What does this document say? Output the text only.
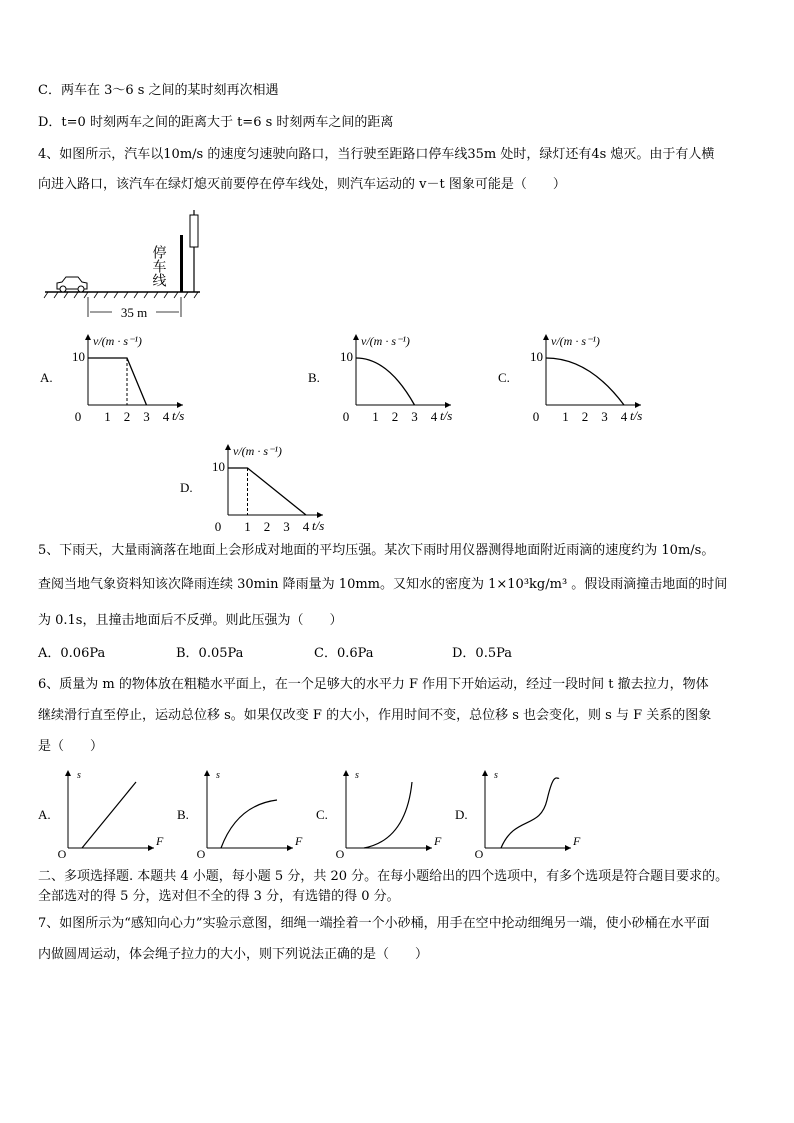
C．两车在 3～6 s 之间的某时刻再次相遇
D．t=0 时刻两车之间的距离大于 t=6 s 时刻两车之间的距离
4、如图所示，汽车以10m/s 的速度匀速驶向路口，当行驶至距路口停车线35m 处时，绿灯还有4s 熄灭。由于有人横
向进入路口，该汽车在绿灯熄灭前要停在停车线处，则汽车运动的 v－t 图象可能是（　　）
停车线
35 m
A.
v/(m · s⁻¹)
10
0 1 2 3 4 t/s
B.
v/(m · s⁻¹)
10
0 1 2 3 4 t/s
C.
v/(m · s⁻¹)
10
0 1 2 3 4 t/s
D.
v/(m · s⁻¹)
10
0 1 2 3 4 t/s
5、下雨天，大量雨滴落在地面上会形成对地面的平均压强。某次下雨时用仪器测得地面附近雨滴的速度约为 10m/s。
查阅当地气象资料知该次降雨连续 30min 降雨量为 10mm。又知水的密度为 1×10³kg/m³ 。假设雨滴撞击地面的时间
为 0.1s，且撞击地面后不反弹。则此压强为（　　）
A．0.06Pa	B．0.05Pa	C．0.6Pa	D．0.5Pa
6、质量为 m 的物体放在粗糙水平面上，在一个足够大的水平力 F 作用下开始运动，经过一段时间 t 撤去拉力，物体
继续滑行直至停止，运动总位移 s。如果仅改变 F 的大小，作用时间不变，总位移 s 也会变化，则 s 与 F 关系的图象
是（　　）
A.
s
F
O
B.
s
F
O
C.
s
F
O
D.
s
F
O
二、多项选择题. 本题共 4 小题，每小题 5 分，共 20 分。在每小题给出的四个选项中，有多个选项是符合题目要求的。
全部选对的得 5 分，选对但不全的得 3 分，有选错的得 0 分。
7、如图所示为“感知向心力”实验示意图，细绳一端拴着一个小砂桶，用手在空中抡动细绳另一端，使小砂桶在水平面
内做圆周运动，体会绳子拉力的大小，则下列说法正确的是（　　）
